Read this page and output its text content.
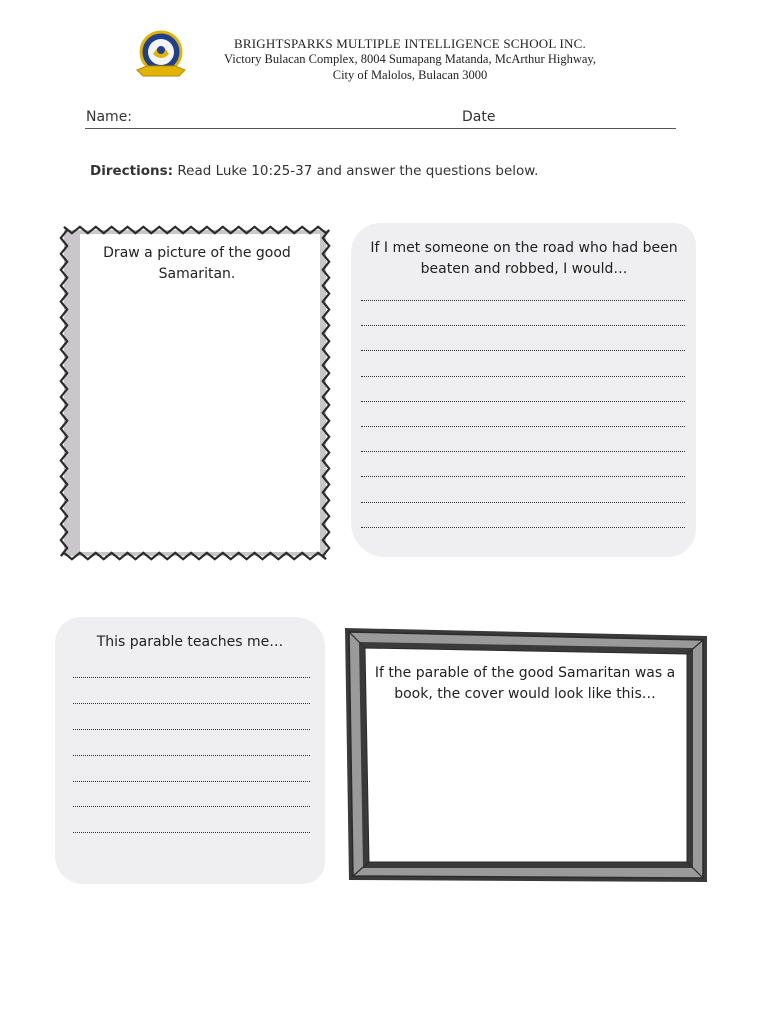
BRIGHTSPARKS MULTIPLE INTELLIGENCE SCHOOL INC.
Victory Bulacan Complex, 8004 Sumapang Matanda, McArthur Highway,
City of Malolos, Bulacan 3000
Name:	Date
Directions: Read Luke 10:25-37 and answer the questions below.
Draw a picture of the good Samaritan.
If I met someone on the road who had been beaten and robbed, I would…
This parable teaches me…
If the parable of the good Samaritan was a book, the cover would look like this…
